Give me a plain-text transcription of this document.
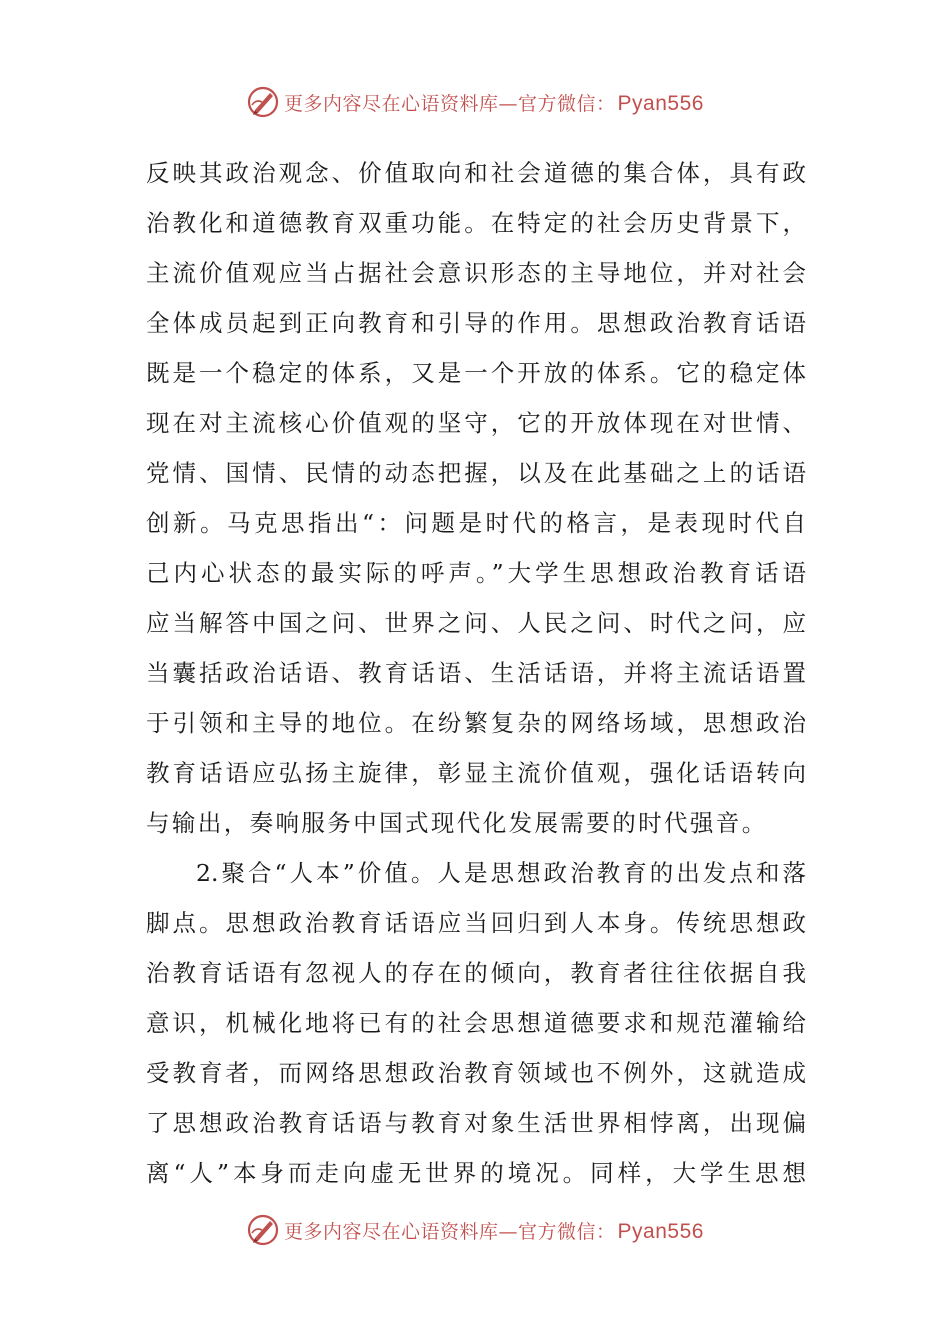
更多内容尽在心语资料库—官方微信：Pyan556
反映其政治观念、价值取向和社会道德的集合体，具有政
治教化和道德教育双重功能。在特定的社会历史背景下，
主流价值观应当占据社会意识形态的主导地位，并对社会
全体成员起到正向教育和引导的作用。思想政治教育话语
既是一个稳定的体系，又是一个开放的体系。它的稳定体
现在对主流核心价值观的坚守，它的开放体现在对世情、
党情、国情、民情的动态把握，以及在此基础之上的话语
创新。马克思指出“：问题是时代的格言，是表现时代自
己内心状态的最实际的呼声。”大学生思想政治教育话语
应当解答中国之问、世界之问、人民之问、时代之问，应
当囊括政治话语、教育话语、生活话语，并将主流话语置
于引领和主导的地位。在纷繁复杂的网络场域，思想政治
教育话语应弘扬主旋律，彰显主流价值观，强化话语转向
与输出，奏响服务中国式现代化发展需要的时代强音。
2.聚合“人本”价值。人是思想政治教育的出发点和落
脚点。思想政治教育话语应当回归到人本身。传统思想政
治教育话语有忽视人的存在的倾向，教育者往往依据自我
意识，机械化地将已有的社会思想道德要求和规范灌输给
受教育者，而网络思想政治教育领域也不例外，这就造成
了思想政治教育话语与教育对象生活世界相悖离，出现偏
离“人”本身而走向虚无世界的境况。同样，大学生思想
更多内容尽在心语资料库—官方微信：Pyan556
